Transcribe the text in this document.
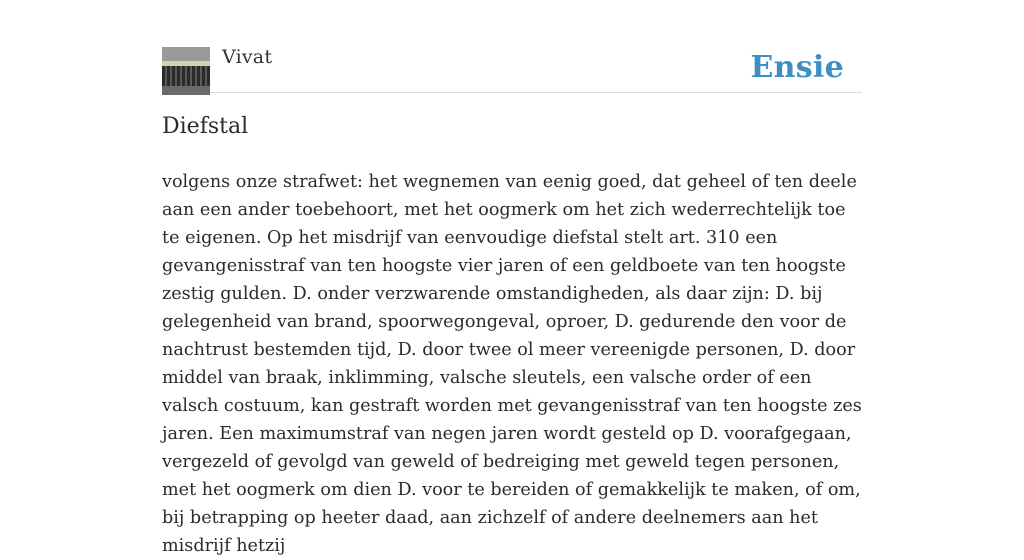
Vivat	Ensie
Diefstal

volgens onze strafwet: het wegnemen van eenig goed, dat geheel of ten deele aan een ander toebehoort, met het oogmerk om het zich wederrechtelijk toe te eigenen. Op het misdrijf van eenvoudige diefstal stelt art. 310 een gevangenisstraf van ten hoogste vier jaren of een geldboete van ten hoogste zestig gulden. D. onder verzwarende omstandigheden, als daar zijn: D. bij gelegenheid van brand, spoorwegongeval, oproer, D. gedurende den voor de nachtrust bestemden tijd, D. door twee ol meer vereenigde personen, D. door middel van braak, inklimming, valsche sleutels, een valsche order of een valsch costuum, kan gestraft worden met gevangenisstraf van ten hoogste zes jaren. Een maximumstraf van negen jaren wordt gesteld op D. voorafgegaan, vergezeld of gevolgd van geweld of bedreiging met geweld tegen personen, met het oogmerk om dien D. voor te bereiden of gemakkelijk te maken, of om, bij betrapping op heeter daad, aan zichzelf of andere deelnemers aan het misdrijf hetzij
